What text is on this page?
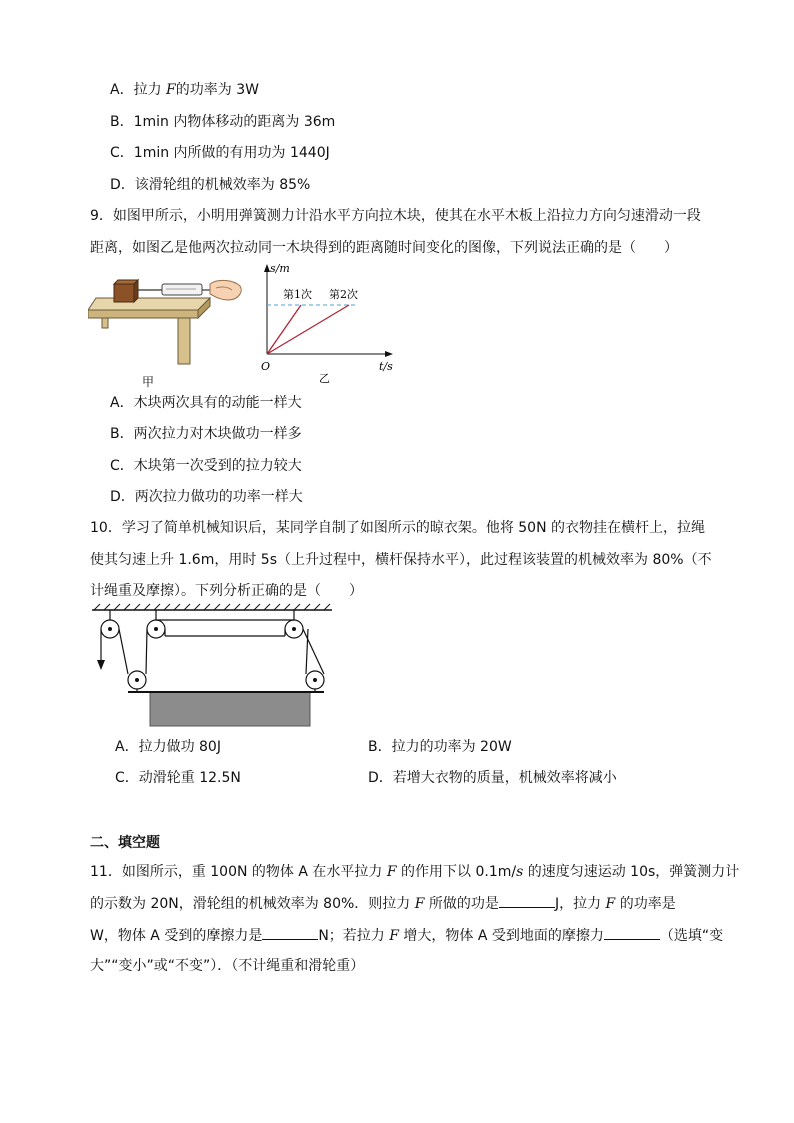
A．拉力 F的功率为 3W
B．1min 内物体移动的距离为 36m
C．1min 内所做的有用功为 1440J
D．该滑轮组的机械效率为 85%
9．如图甲所示，小明用弹簧测力计沿水平方向拉木块，使其在水平木板上沿拉力方向匀速滑动一段
距离，如图乙是他两次拉动同一木块得到的距离随时间变化的图像，下列说法正确的是（　　）
甲
s/m
第1次 第2次
O	t/s
乙
A．木块两次具有的动能一样大
B．两次拉力对木块做功一样多
C．木块第一次受到的拉力较大
D．两次拉力做功的功率一样大
10．学习了简单机械知识后，某同学自制了如图所示的晾衣架。他将 50N 的衣物挂在横杆上，拉绳
使其匀速上升 1.6m，用时 5s（上升过程中，横杆保持水平），此过程该装置的机械效率为 80%（不
计绳重及摩擦）。下列分析正确的是（　　）
A．拉力做功 80J	B．拉力的功率为 20W
C．动滑轮重 12.5N	D．若增大衣物的质量，机械效率将减小
二、填空题
11．如图所示，重 100N 的物体 A 在水平拉力 F 的作用下以 0.1m/s 的速度匀速运动 10s，弹簧测力计
的示数为 20N，滑轮组的机械效率为 80%．则拉力 F 所做的功是	J，拉力 F 的功率是
W，物体 A 受到的摩擦力是	N；若拉力 F 增大，物体 A 受到地面的摩擦力	（选填“变
大”“变小”或“不变”）．（不计绳重和滑轮重）
